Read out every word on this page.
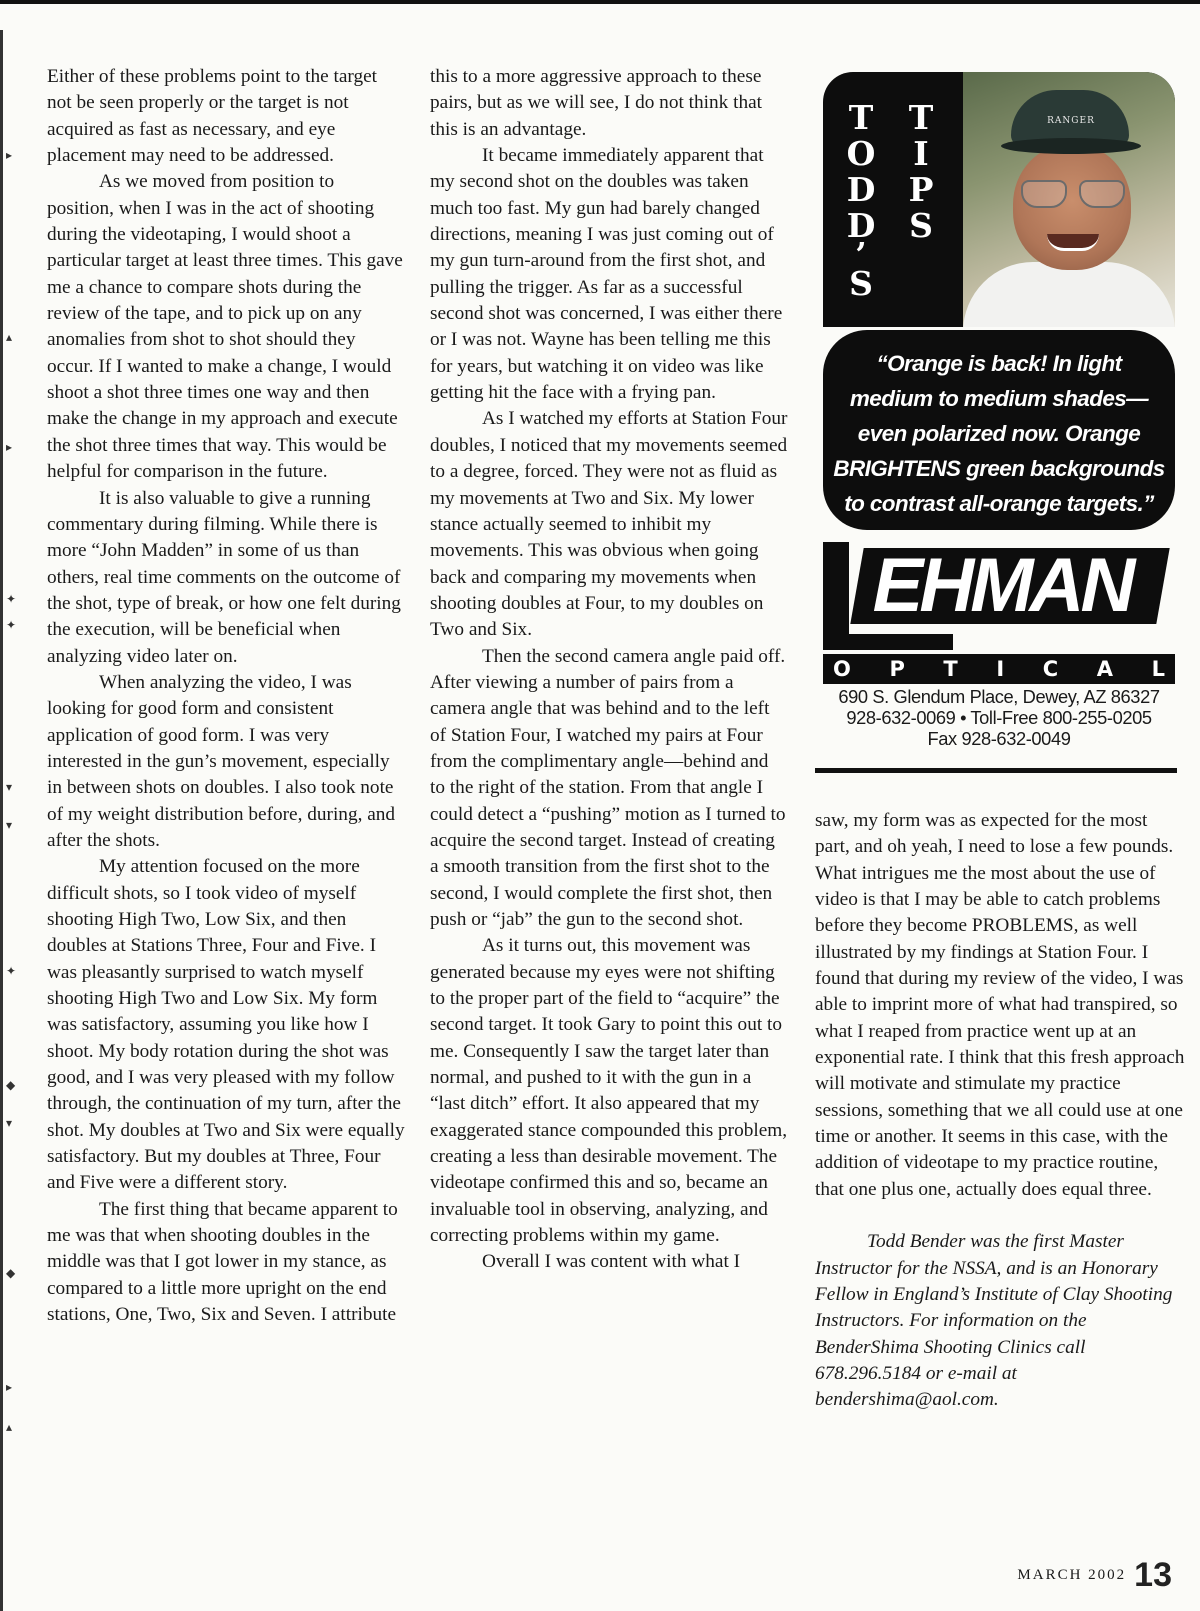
Either of these problems point to the target not be seen properly or the target is not acquired as fast as necessary, and eye placement may need to be addressed.

As we moved from position to position, when I was in the act of shooting during the videotaping, I would shoot a particular target at least three times. This gave me a chance to compare shots during the review of the tape, and to pick up on any anomalies from shot to shot should they occur. If I wanted to make a change, I would shoot a shot three times one way and then make the change in my approach and execute the shot three times that way. This would be helpful for comparison in the future.

It is also valuable to give a running commentary during filming. While there is more “John Madden” in some of us than others, real time comments on the outcome of the shot, type of break, or how one felt during the execution, will be beneficial when analyzing video later on.

When analyzing the video, I was looking for good form and consistent application of good form. I was very interested in the gun’s movement, especially in between shots on doubles. I also took note of my weight distribution before, during, and after the shots.

My attention focused on the more difficult shots, so I took video of myself shooting High Two, Low Six, and then doubles at Stations Three, Four and Five. I was pleasantly surprised to watch myself shooting High Two and Low Six. My form was satisfactory, assuming you like how I shoot. My body rotation during the shot was good, and I was very pleased with my follow through, the continuation of my turn, after the shot. My doubles at Two and Six were equally satisfactory. But my doubles at Three, Four and Five were a different story.

The first thing that became apparent to me was that when shooting doubles in the middle was that I got lower in my stance, as compared to a little more upright on the end stations, One, Two, Six and Seven. I attribute

this to a more aggressive approach to these pairs, but as we will see, I do not think that this is an advantage.

It became immediately apparent that my second shot on the doubles was taken much too fast. My gun had barely changed directions, meaning I was just coming out of my gun turn-around from the first shot, and pulling the trigger. As far as a successful second shot was concerned, I was either there or I was not. Wayne has been telling me this for years, but watching it on video was like getting hit the face with a frying pan.

As I watched my efforts at Station Four doubles, I noticed that my movements seemed to a degree, forced. They were not as fluid as my movements at Two and Six. My lower stance actually seemed to inhibit my movements. This was obvious when going back and comparing my movements when shooting doubles at Four, to my doubles on Two and Six.

Then the second camera angle paid off. After viewing a number of pairs from a camera angle that was behind and to the left of Station Four, I watched my pairs at Four from the complimentary angle—behind and to the right of the station. From that angle I could detect a “pushing” motion as I turned to acquire the second target. Instead of creating a smooth transition from the first shot to the second, I would complete the first shot, then push or “jab” the gun to the second shot.

As it turns out, this movement was generated because my eyes were not shifting to the proper part of the field to “acquire” the second target. It took Gary to point this out to me. Consequently I saw the target later than normal, and pushed to it with the gun in a “last ditch” effort. It also appeared that my exaggerated stance compounded this problem, creating a less than desirable movement. The videotape confirmed this and so, became an invaluable tool in observing, analyzing, and correcting problems within my game.

Overall I was content with what I

saw, my form was as expected for the most part, and oh yeah, I need to lose a few pounds. What intrigues me the most about the use of video is that I may be able to catch problems before they become PROBLEMS, as well illustrated by my findings at Station Four. I found that during my review of the video, I was able to imprint more of what had transpired, so what I reaped from practice went up at an exponential rate. I think that this fresh approach will motivate and stimulate my practice sessions, something that we all could use at one time or another. It seems in this case, with the addition of videotape to my practice routine, that one plus one, actually does equal three.

Todd Bender was the first Master Instructor for the NSSA, and is an Honorary Fellow in England’s Institute of Clay Shooting Instructors. For information on the BenderShima Shooting Clinics call 678.296.5184 or e-mail at bendershima@aol.com.

T
O
D
D
’
S
T
I
P
S
RANGER
“Orange is back! In light
medium to medium shades—
even polarized now. Orange
BRIGHTENS green backgrounds
to contrast all-orange targets.”
EHMAN
O P T I C A L
690 S. Glendum Place, Dewey, AZ 86327
928-632-0069 • Toll-Free 800-255-0205
Fax 928-632-0049
MARCH 2002 13
▸
▴
▸
✦
✦
▾
▾
✦
◆
▾
◆
▸
▴
